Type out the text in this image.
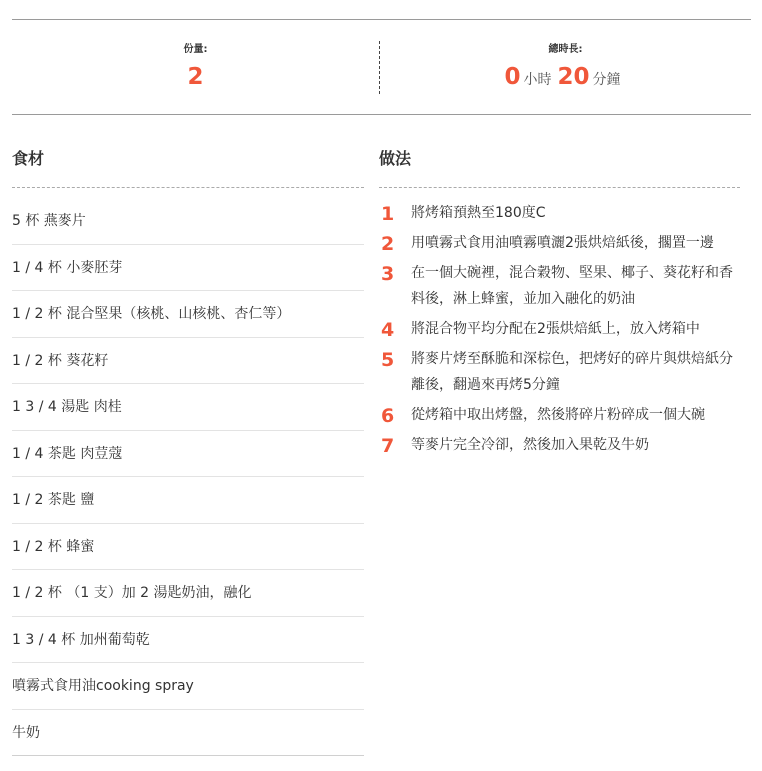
份量:
2
總時長:
0 小時 20 分鐘
食材
5 杯 燕麥片
1 / 4 杯 小麥胚芽
1 / 2 杯 混合堅果（核桃、山核桃、杏仁等）
1 / 2 杯 葵花籽
1 3 / 4 湯匙 肉桂
1 / 4 茶匙 肉荳蔻
1 / 2 茶匙 鹽
1 / 2 杯 蜂蜜
1 / 2 杯 （1 支）加 2 湯匙奶油，融化
1 3 / 4 杯 加州葡萄乾
噴霧式食用油cooking spray
牛奶
做法
1 將烤箱預熱至180度C
2 用噴霧式食用油噴霧噴灑2張烘焙紙後，擱置一邊
3 在一個大碗裡，混合穀物、堅果、椰子、葵花籽和香料後，淋上蜂蜜，並加入融化的奶油
4 將混合物平均分配在2張烘焙紙上，放入烤箱中
5 將麥片烤至酥脆和深棕色，把烤好的碎片與烘焙紙分離後，翻過來再烤5分鐘
6 從烤箱中取出烤盤，然後將碎片粉碎成一個大碗
7 等麥片完全冷卻，然後加入果乾及牛奶
